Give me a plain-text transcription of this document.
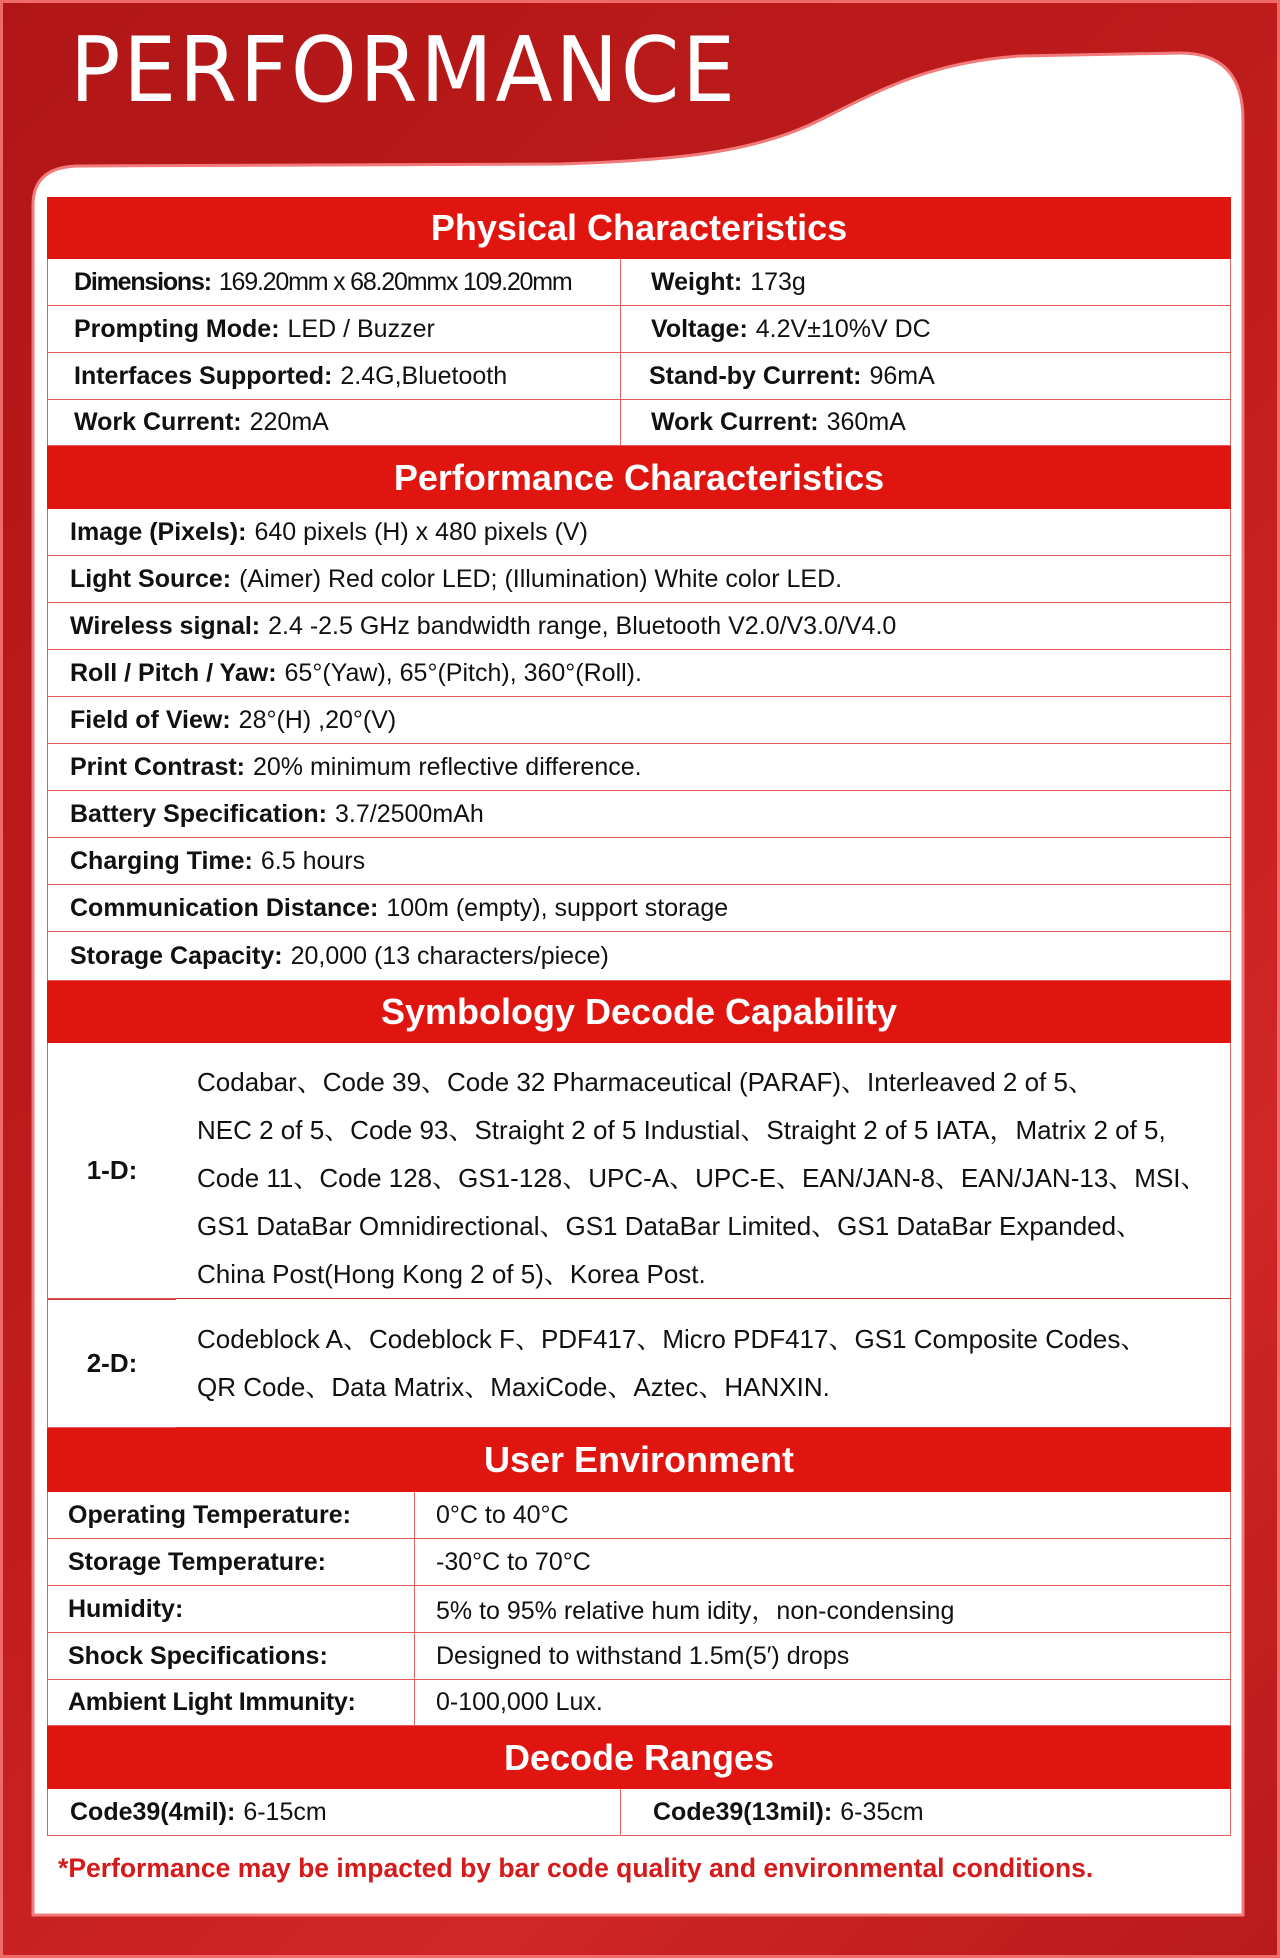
PERFORMANCE
Physical Characteristics
Dimensions: 169.20mm x 68.20mmx 109.20mm	Weight: 173g
Prompting Mode: LED / Buzzer	Voltage: 4.2V±10%V DC
Interfaces Supported: 2.4G,Bluetooth	Stand-by Current: 96mA
Work Current: 220mA	Work Current: 360mA
Performance Characteristics
Image (Pixels): 640 pixels (H) x 480 pixels (V)
Light Source: (Aimer) Red color LED; (Illumination) White color LED.
Wireless signal: 2.4 -2.5 GHz bandwidth range, Bluetooth V2.0/V3.0/V4.0
Roll / Pitch / Yaw: 65°(Yaw), 65°(Pitch), 360°(Roll).
Field of View: 28°(H) ,20°(V)
Print Contrast: 20% minimum reflective difference.
Battery Specification: 3.7/2500mAh
Charging Time: 6.5 hours
Communication Distance: 100m (empty), support storage
Storage Capacity: 20,000 (13 characters/piece)
Symbology Decode Capability
1-D:
Codabar、Code 39、Code 32 Pharmaceutical (PARAF)、Interleaved 2 of 5、
NEC 2 of 5、Code 93、Straight 2 of 5 Industial、Straight 2 of 5 IATA，Matrix 2 of 5,
Code 11、Code 128、GS1-128、UPC-A、UPC-E、EAN/JAN-8、EAN/JAN-13、MSI、
GS1 DataBar Omnidirectional、GS1 DataBar Limited、GS1 DataBar Expanded、
China Post(Hong Kong 2 of 5)、Korea Post.
2-D:
Codeblock A、Codeblock F、PDF417、Micro PDF417、GS1 Composite Codes、
QR Code、Data Matrix、MaxiCode、Aztec、HANXIN.
User Environment
Operating Temperature:	0°C to 40°C
Storage Temperature:	-30°C to 70°C
Humidity:	5% to 95% relative hum idity，non-condensing
Shock Specifications:	Designed to withstand 1.5m(5′) drops
Ambient Light Immunity:	0-100,000 Lux.
Decode Ranges
Code39(4mil): 6-15cm	Code39(13mil): 6-35cm
*Performance may be impacted by bar code quality and environmental conditions.
